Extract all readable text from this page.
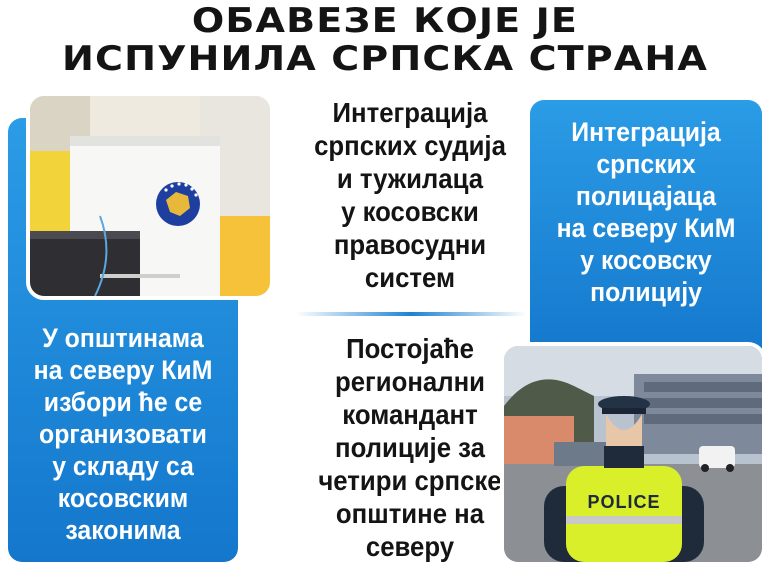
ОБАВЕЗЕ КОЈЕ ЈЕ
ИСПУНИЛА СРПСКА СТРАНА
У општинама
на северу КиМ
избори ће се
организовати
у складу са
косовским
законима
Интеграција
српских судија
и тужилаца
у косовски
правосудни
систем
Постојаће
регионални
командант
полиције за
четири српске
општине на
северу
Интеграција
српских
полицајаца
на северу КиМ
у косовску
полицију
POLICE
